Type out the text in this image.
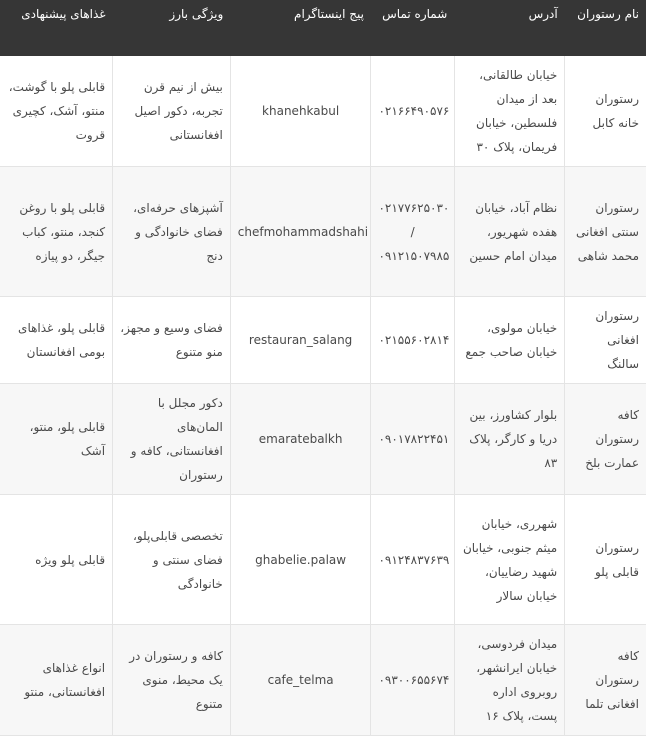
نام رستوران	آدرس	شماره تماس	پیج اینستاگرام	ویژگی بارز	غذاهای پیشنهادی
رستوران خانه کابل	خیابان طالقانی، بعد از میدان فلسطین، خیابان فریمان، پلاک ۳۰	۰۲۱۶۶۴۹۰۵۷۶	khanehkabul	بیش از نیم قرن تجربه، دکور اصیل افغانستانی	قابلی پلو با گوشت، منتو، آشک، کچیری قروت
رستوران سنتی افغانی محمد شاهی	نظام آباد، خیابان هفده شهریور، میدان امام حسین	۰۲۱۷۷۶۲۵۰۳۰ / ۰۹۱۲۱۵۰۷۹۸۵	chefmohammadshahi	آشپزهای حرفه‌ای، فضای خانوادگی و دنج	قابلی پلو با روغن کنجد، منتو، کباب جیگر، دو پیازه
رستوران افغانی سالنگ	خیابان مولوی، خیابان صاحب جمع	۰۲۱۵۵۶۰۲۸۱۴	restauran_salang	فضای وسیع و مجهز، منو متنوع	قابلی پلو، غذاهای بومی افغانستان
کافه رستوران عمارت بلخ	بلوار کشاورز، بین دریا و کارگر، پلاک ۸۳	۰۹۰۱۷۸۲۲۴۵۱	emaratebalkh	دکور مجلل با المان‌های افغانستانی، کافه و رستوران	قابلی پلو، منتو، آشک
رستوران قابلی پلو	شهرری، خیابان میثم جنوبی، خیابان شهید رضاییان، خیابان سالار	۰۹۱۲۴۸۳۷۶۳۹	ghabelie.palaw	تخصصی قابلی‌پلو، فضای سنتی و خانوادگی	قابلی پلو ویژه
کافه رستوران افغانی تلما	میدان فردوسی، خیابان ایرانشهر، روبروی اداره پست، پلاک ۱۶	۰۹۳۰۰۶۵۵۶۷۴	cafe_telma	کافه و رستوران در یک محیط، منوی متنوع	انواع غذاهای افغانستانی، منتو
